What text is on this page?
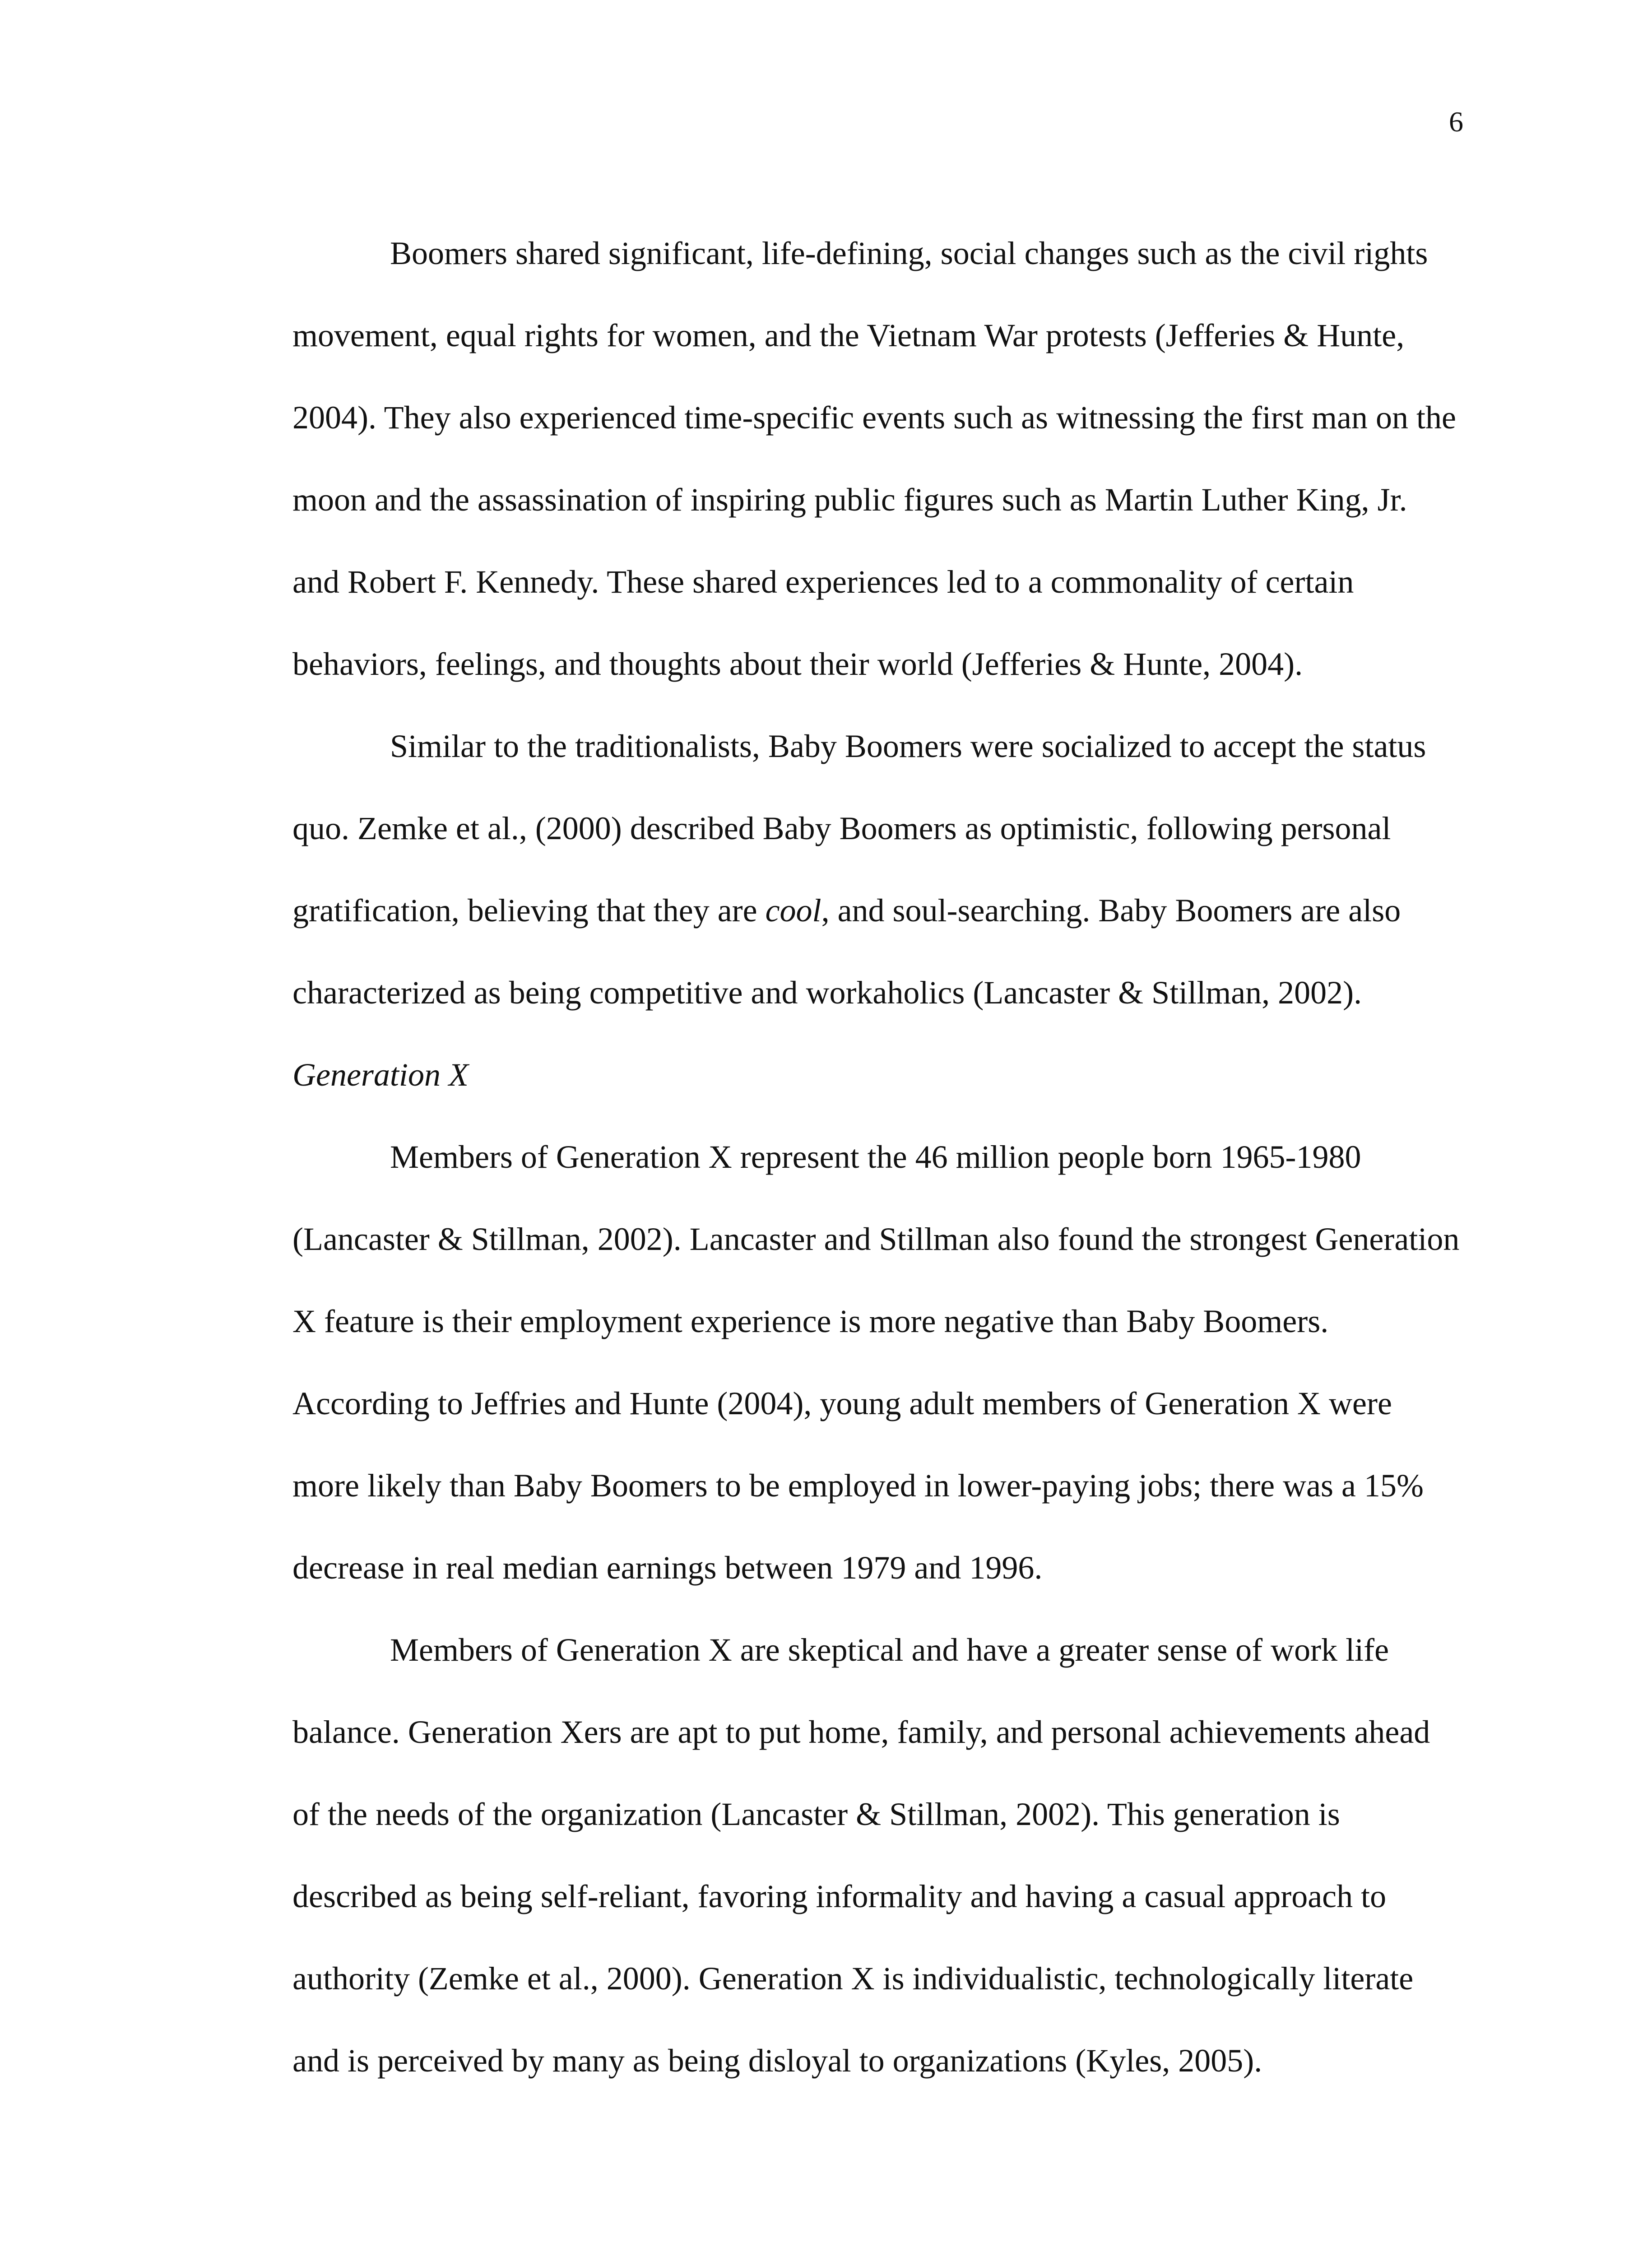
6
Boomers shared significant, life-defining, social changes such as the civil rights
movement, equal rights for women, and the Vietnam War protests (Jefferies & Hunte,
2004). They also experienced time-specific events such as witnessing the first man on the
moon and the assassination of inspiring public figures such as Martin Luther King, Jr.
and Robert F. Kennedy. These shared experiences led to a commonality of certain
behaviors, feelings, and thoughts about their world (Jefferies & Hunte, 2004).
Similar to the traditionalists, Baby Boomers were socialized to accept the status
quo. Zemke et al., (2000) described Baby Boomers as optimistic, following personal
gratification, believing that they are cool, and soul-searching. Baby Boomers are also
characterized as being competitive and workaholics (Lancaster & Stillman, 2002).
Generation X
Members of Generation X represent the 46 million people born 1965-1980
(Lancaster & Stillman, 2002). Lancaster and Stillman also found the strongest Generation
X feature is their employment experience is more negative than Baby Boomers.
According to Jeffries and Hunte (2004), young adult members of Generation X were
more likely than Baby Boomers to be employed in lower-paying jobs; there was a 15%
decrease in real median earnings between 1979 and 1996.
Members of Generation X are skeptical and have a greater sense of work life
balance. Generation Xers are apt to put home, family, and personal achievements ahead
of the needs of the organization (Lancaster & Stillman, 2002). This generation is
described as being self-reliant, favoring informality and having a casual approach to
authority (Zemke et al., 2000). Generation X is individualistic, technologically literate
and is perceived by many as being disloyal to organizations (Kyles, 2005).
